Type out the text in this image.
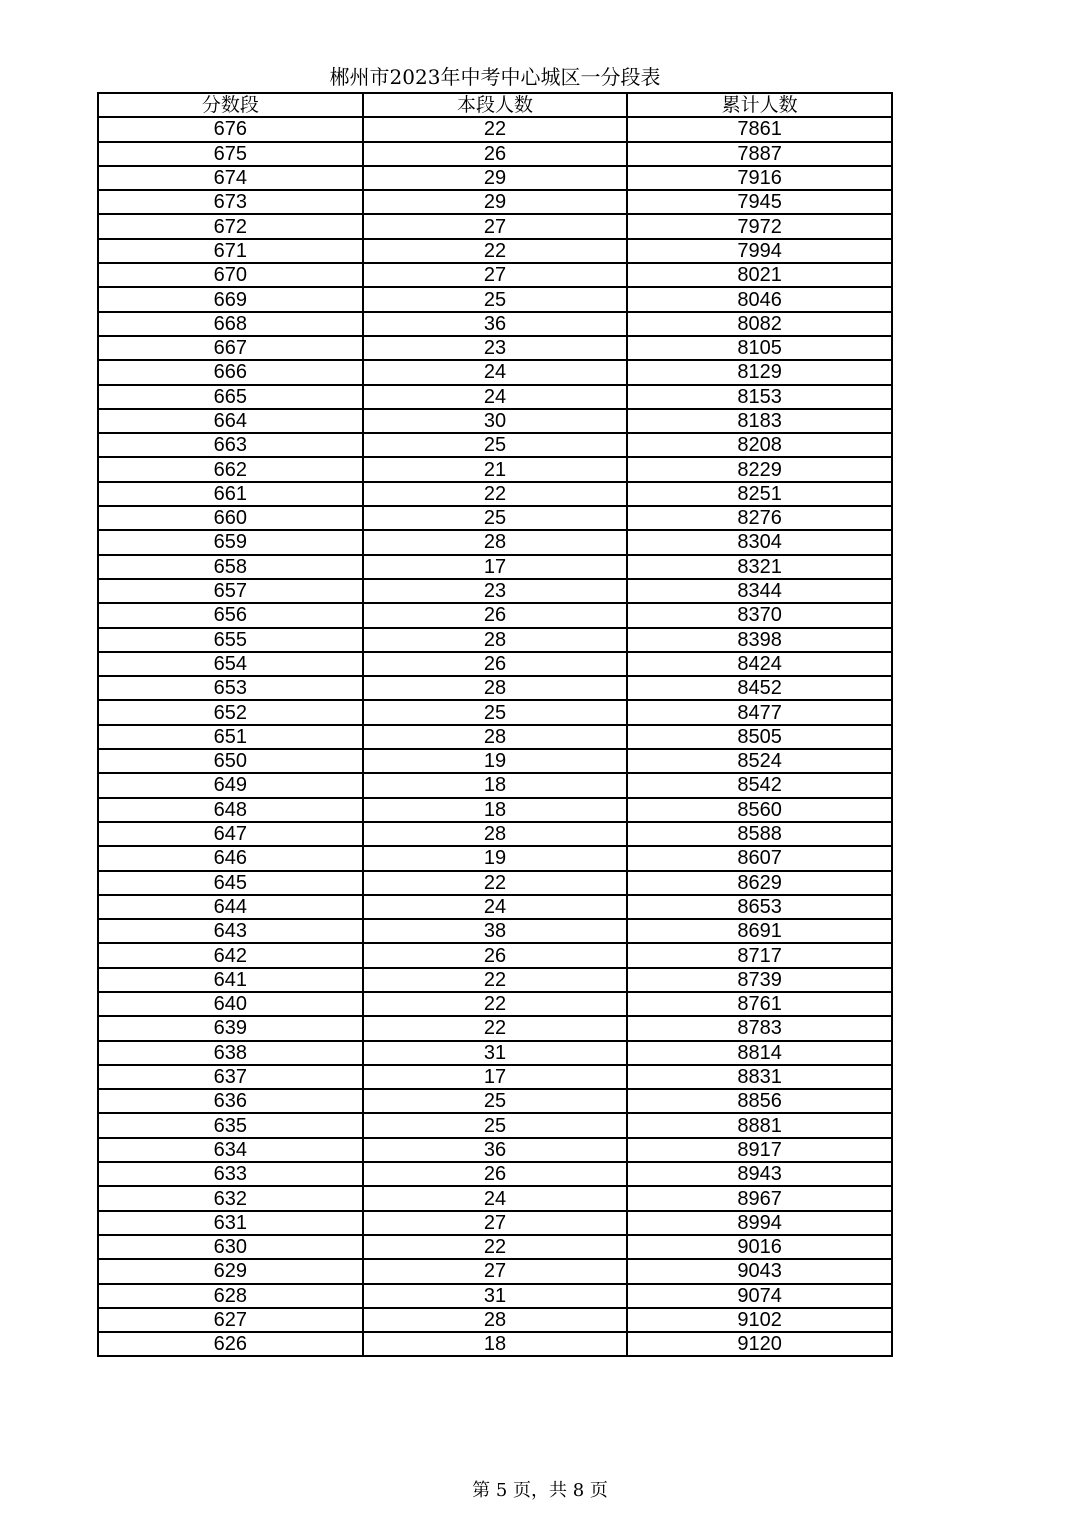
郴州市2023年中考中心城区一分段表
分数段	本段人数	累计人数
676	22	7861
675	26	7887
674	29	7916
673	29	7945
672	27	7972
671	22	7994
670	27	8021
669	25	8046
668	36	8082
667	23	8105
666	24	8129
665	24	8153
664	30	8183
663	25	8208
662	21	8229
661	22	8251
660	25	8276
659	28	8304
658	17	8321
657	23	8344
656	26	8370
655	28	8398
654	26	8424
653	28	8452
652	25	8477
651	28	8505
650	19	8524
649	18	8542
648	18	8560
647	28	8588
646	19	8607
645	22	8629
644	24	8653
643	38	8691
642	26	8717
641	22	8739
640	22	8761
639	22	8783
638	31	8814
637	17	8831
636	25	8856
635	25	8881
634	36	8917
633	26	8943
632	24	8967
631	27	8994
630	22	9016
629	27	9043
628	31	9074
627	28	9102
626	18	9120
第 5 页，共 8 页
